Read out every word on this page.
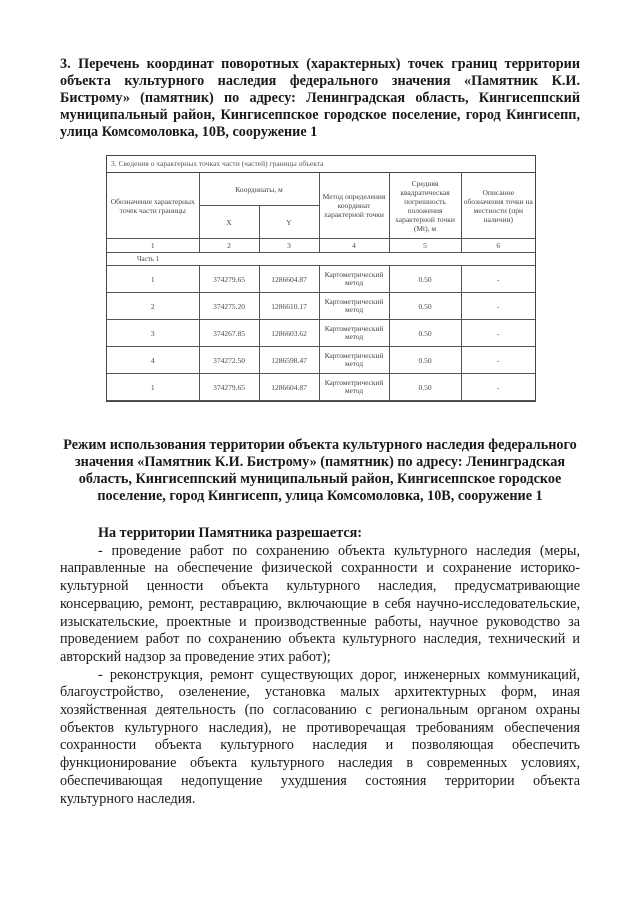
3. Перечень координат поворотных (характерных) точек границ территории объекта культурного наследия федерального значения «Памятник К.И. Бистрому» (памятник) по адресу: Ленинградская область, Кингисеппский муниципальный район, Кингисеппское городское поселение, город Кингисепп, улица Комсомоловка, 10В, сооружение 1
3. Сведения о характерных точках части (частей) границы объекта
Обозначение характерных точек части границы	Координаты, м		Метод определения координат характерной точки	Средняя квадратическая погрешность положения характерной точки (Mt), м	Описание обозначения точки на местности (при наличии)
	X	Y			
1	2	3	4	5	6
Часть 1					
1	374279.65	1286604.87	Картометрический метод	0.50	-
2	374275.20	1286610.17	Картометрический метод	0.50	-
3	374267.85	1286603.62	Картометрический метод	0.50	-
4	374272.50	1286598.47	Картометрический метод	0.50	-
1	374279.65	1286604.87	Картометрический метод	0.50	-
Режим использования территории объекта культурного наследия федерального значения «Памятник К.И. Бистрому» (памятник) по адресу: Ленинградская область, Кингисеппский муниципальный район, Кингисеппское городское поселение, город Кингисепп, улица Комсомоловка, 10В, сооружение 1
На территории Памятника разрешается:

- проведение работ по сохранению объекта культурного наследия (меры, направленные на обеспечение физической сохранности и сохранение историко-культурной ценности объекта культурного наследия, предусматривающие консервацию, ремонт, реставрацию, включающие в себя научно-исследовательские, изыскательские, проектные и производственные работы, научное руководство за проведением работ по сохранению объекта культурного наследия, технический и авторский надзор за проведение этих работ);

- реконструкция, ремонт существующих дорог, инженерных коммуникаций, благоустройство, озеленение, установка малых архитектурных форм, иная хозяйственная деятельность (по согласованию с региональным органом охраны объектов культурного наследия), не противоречащая требованиям обеспечения сохранности объекта культурного наследия и позволяющая обеспечить функционирование объекта культурного наследия в современных условиях, обеспечивающая недопущение ухудшения состояния территории объекта культурного наследия.
